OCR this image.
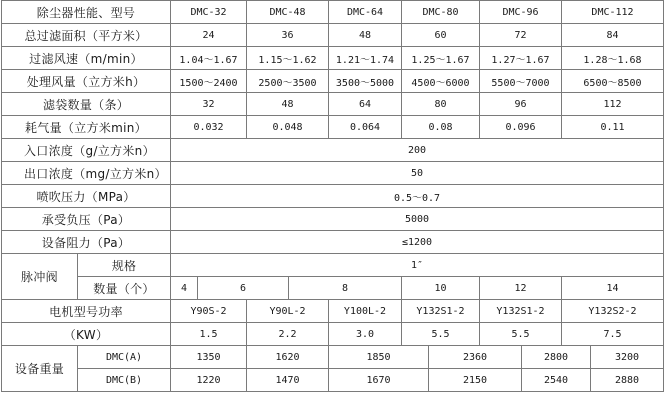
除尘器性能、型号		DMC-32		DMC-48		DMC-64	DMC-80		DMC-96		DMC-112	
总过滤面积（平方米）		24		36		48	60		72		84	
过滤风速（m/min）		1.04～1.67		1.15～1.62		1.21～1.74	1.25～1.67		1.27～1.67		1.28～1.68	
处理风量（立方米h）		1500～2400		2500～3500		3500～5000	4500～6000		5500～7000		6500～8500	
滤袋数量（条）		32		48		64	80		96		112	
耗气量（立方米min）		0.032		0.048		0.064	0.08		0.096		0.11	
入口浓度（g/立方米n）		200										
出口浓度（mg/立方米n）		50										
喷吹压力（MPa）		0.5～0.7										
承受负压（Pa）		5000										
设备阻力（Pa）		≤1200										
脉冲阀	规格	1″										
	数量（个）	4	6		8		10		12		14	
电机型号功率		Y90S-2		Y90L-2		Y100L-2	Y132S1-2		Y132S1-2		Y132S2-2	
（KW）		1.5		2.2		3.0	5.5		5.5		7.5	
设备重量	DMC(A)	1350		1620		1850		2360		2800		3200
	DMC(B)	1220		1470		1670		2150		2540		2880
